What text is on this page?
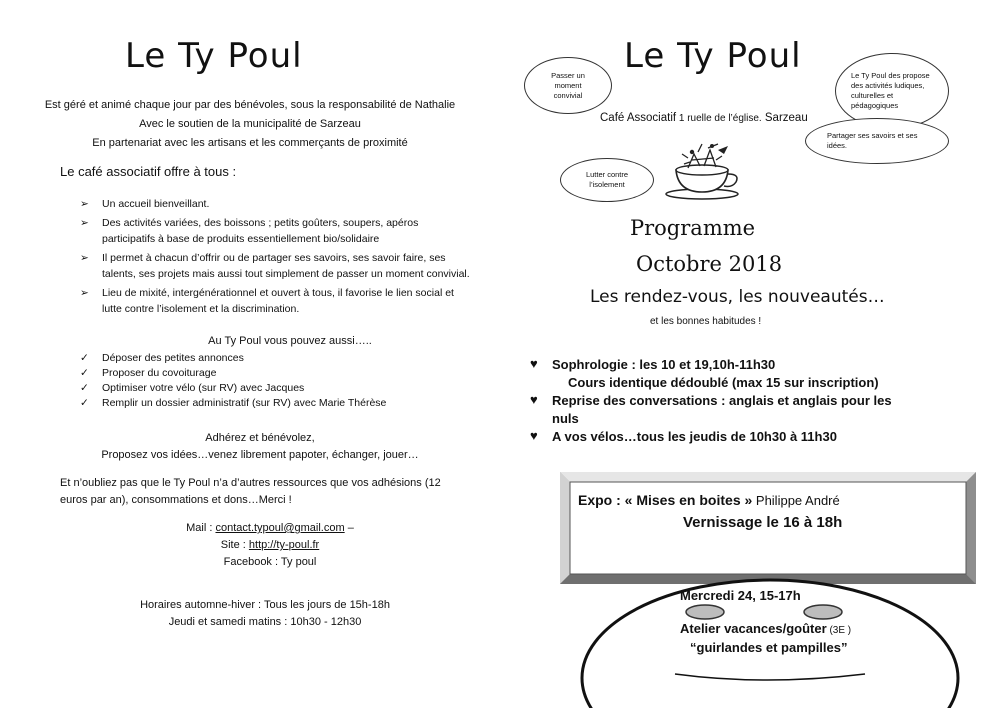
Le Ty Poul
Est géré et animé chaque jour par des bénévoles, sous la responsabilité de Nathalie
Avec le soutien de la municipalité de Sarzeau
En partenariat avec les artisans et les commerçants de proximité
Le café associatif offre à tous :
➢ Un accueil bienveillant.
➢ Des activités variées, des boissons ; petits goûters, soupers, apéros participatifs à base de produits essentiellement bio/solidaire
➢ Il permet à chacun d’offrir ou de partager ses savoirs, ses savoir faire, ses talents, ses projets mais aussi tout simplement de passer un moment convivial.
➢ Lieu de mixité, intergénérationnel et ouvert à tous, il favorise le lien social et lutte contre l’isolement et la discrimination.
Au Ty Poul vous pouvez aussi…..
✓ Déposer des petites annonces
✓ Proposer du covoiturage
✓ Optimiser votre vélo (sur RV) avec Jacques
✓ Remplir un dossier administratif (sur RV) avec Marie Thérèse
Adhérez et bénévolez,
Proposez vos idées…venez librement papoter, échanger, jouer…
Et n’oubliez pas que le Ty Poul n’a d’autres ressources que vos adhésions (12 euros par an), consommations et dons…Merci !
Mail : contact.typoul@gmail.com –
Site : http://ty-poul.fr
Facebook : Ty poul
Horaires automne-hiver : Tous les jours de 15h-18h
Jeudi et samedi matins : 10h30 - 12h30
Passer un moment convivial
Le Ty Poul	Le Ty Poul des propose des activités ludiques, culturelles et pédagogiques
Partager ses savoirs et ses idées.
Café Associatif 1 ruelle de l’église. Sarzeau
Lutter contre l’isolement
Programme
Octobre 2018
Les rendez-vous, les nouveautés…
et les bonnes habitudes !
♥ Sophrologie : les 10 et 19,10h-11h30
Cours identique dédoublé (max 15 sur inscription)
♥ Reprise des conversations : anglais et anglais pour les nuls
♥ A vos vélos…tous les jeudis de 10h30 à 11h30
Expo : « Mises en boites » Philippe André
Vernissage le 16 à 18h
Mercredi 24, 15-17h
Atelier vacances/goûter (3E )
“guirlandes et pampilles”
